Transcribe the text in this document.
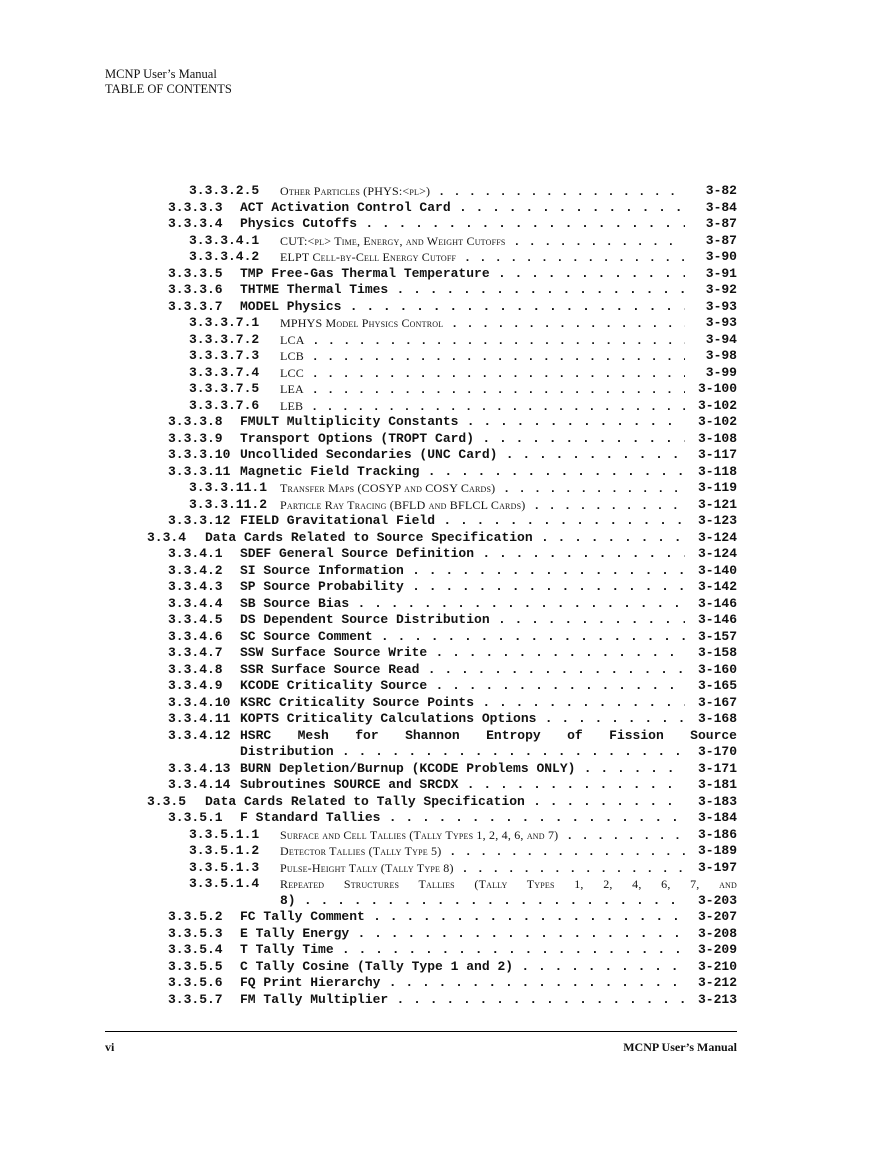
MCNP User’s Manual
TABLE OF CONTENTS
3.3.3.2.5 Other Particles (PHYS:<pl>) . . .	3-82
3.3.3.3 ACT Activation Control Card . . .	3-84
3.3.3.4 Physics Cutoffs . . .	3-87
3.3.3.4.1 CUT:<pl> Time, Energy, and Weight Cutoffs . . .	3-87
3.3.3.4.2 ELPT Cell-by-Cell Energy Cutoff . . .	3-90
3.3.3.5 TMP Free-Gas Thermal Temperature . . .	3-91
3.3.3.6 THTME Thermal Times . . .	3-92
3.3.3.7 MODEL Physics . . .	3-93
3.3.3.7.1 MPHYS Model Physics Control . . .	3-93
3.3.3.7.2 LCA . . .	3-94
3.3.3.7.3 LCB . . .	3-98
3.3.3.7.4 LCC . . .	3-99
3.3.3.7.5 LEA . . .	3-100
3.3.3.7.6 LEB . . .	3-102
3.3.3.8 FMULT Multiplicity Constants . . .	3-102
3.3.3.9 Transport Options (TROPT Card) . . .	3-108
3.3.3.10 Uncollided Secondaries (UNC Card) . . .	3-117
3.3.3.11 Magnetic Field Tracking . . .	3-118
3.3.3.11.1 Transfer Maps (COSYP and COSY Cards) . . .	3-119
3.3.3.11.2 Particle Ray Tracing (BFLD and BFLCL Cards) . . .	3-121
3.3.3.12 FIELD Gravitational Field . . .	3-123
3.3.4 Data Cards Related to Source Specification . . .	3-124
3.3.4.1 SDEF General Source Definition . . .	3-124
3.3.4.2 SI Source Information . . .	3-140
3.3.4.3 SP Source Probability . . .	3-142
3.3.4.4 SB Source Bias . . .	3-146
3.3.4.5 DS Dependent Source Distribution . . .	3-146
3.3.4.6 SC Source Comment . . .	3-157
3.3.4.7 SSW Surface Source Write . . .	3-158
3.3.4.8 SSR Surface Source Read . . .	3-160
3.3.4.9 KCODE Criticality Source . . .	3-165
3.3.4.10 KSRC Criticality Source Points . . .	3-167
3.3.4.11 KOPTS Criticality Calculations Options . . .	3-168
3.3.4.12 HSRC Mesh for Shannon Entropy of Fission Source
Distribution . . .	3-170
3.3.4.13 BURN Depletion/Burnup (KCODE Problems ONLY) . . .	3-171
3.3.4.14 Subroutines SOURCE and SRCDX . . .	3-181
3.3.5 Data Cards Related to Tally Specification . . .	3-183
3.3.5.1 F Standard Tallies . . .	3-184
3.3.5.1.1 Surface and Cell Tallies (Tally Types 1, 2, 4, 6, and 7) . . .	3-186
3.3.5.1.2 Detector Tallies (Tally Type 5) . . .	3-189
3.3.5.1.3 Pulse-Height Tally (Tally Type 8) . . .	3-197
3.3.5.1.4 Repeated Structures Tallies (Tally Types 1, 2, 4, 6, 7, and
8) . . .	3-203
3.3.5.2 FC Tally Comment . . .	3-207
3.3.5.3 E Tally Energy . . .	3-208
3.3.5.4 T Tally Time . . .	3-209
3.3.5.5 C Tally Cosine (Tally Type 1 and 2) . . .	3-210
3.3.5.6 FQ Print Hierarchy . . .	3-212
3.3.5.7 FM Tally Multiplier . . .	3-213
vi	MCNP User’s Manual
